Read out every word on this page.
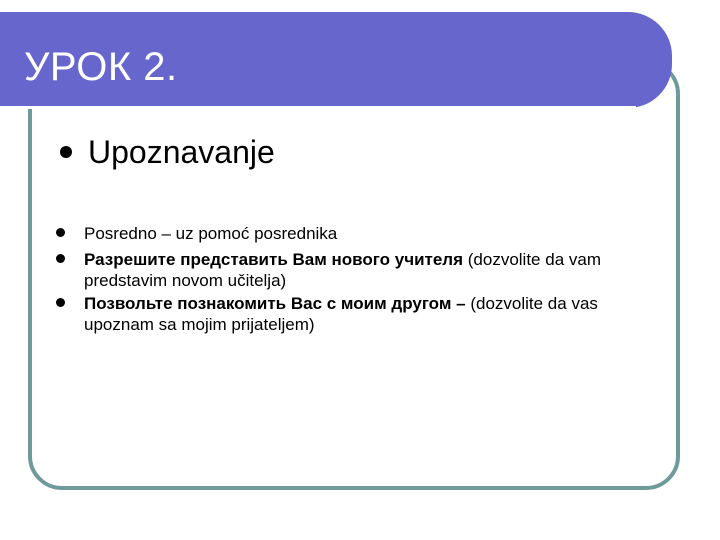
УРОК 2.
Upoznavanje
Posredno – uz pomoć posrednika
Разрешите представить Вам нового учителя (dozvolite da vam predstavim novom učitelja)
Позвольте познакомить Вас с моим другом – (dozvolite da vas upoznam sa mojim prijateljem)
